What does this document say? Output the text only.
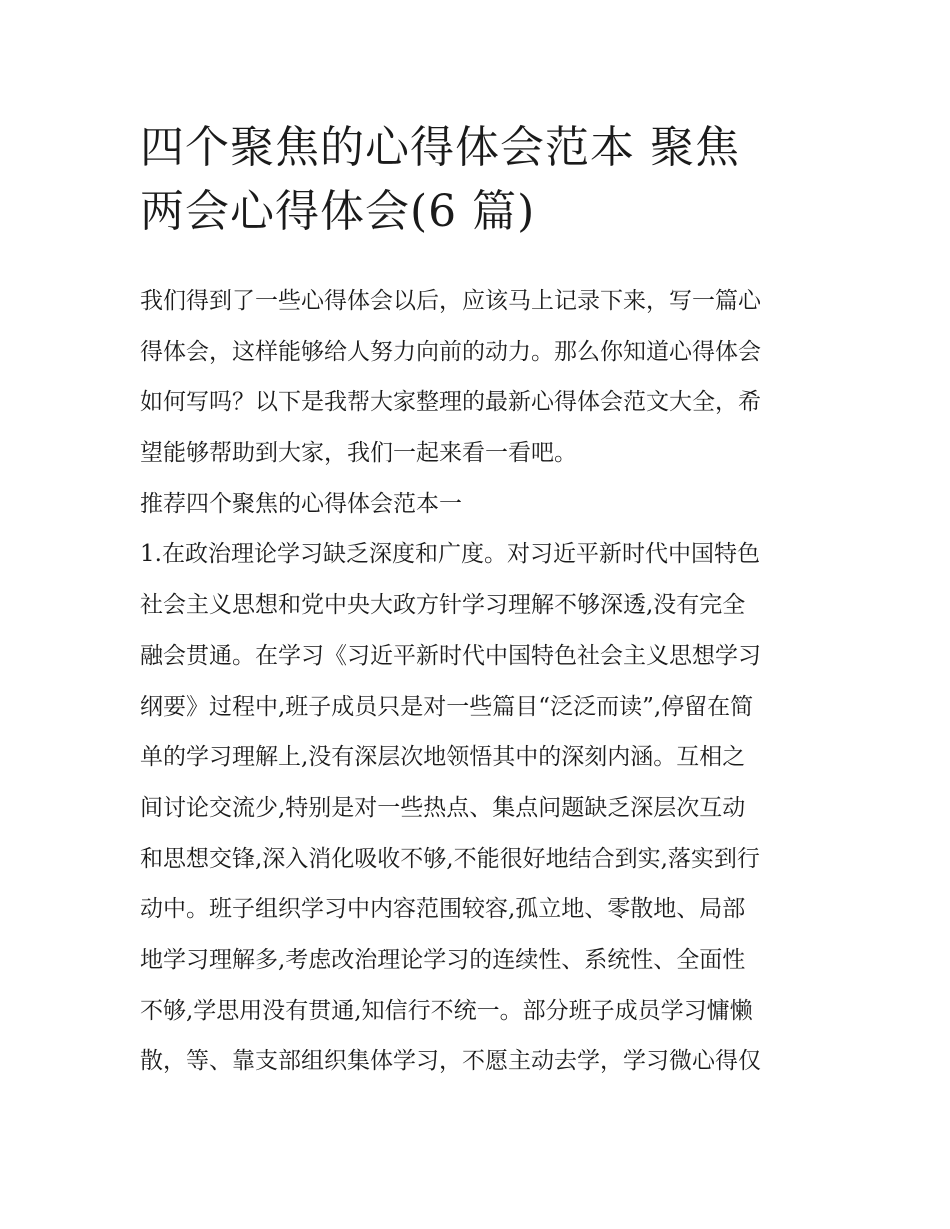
四个聚焦的心得体会范本 聚焦
两会心得体会(6 篇)
我们得到了一些心得体会以后，应该马上记录下来，写一篇心
得体会，这样能够给人努力向前的动力。那么你知道心得体会
如何写吗？以下是我帮大家整理的最新心得体会范文大全，希
望能够帮助到大家，我们一起来看一看吧。
推荐四个聚焦的心得体会范本一
1.在政治理论学习缺乏深度和广度。对习近平新时代中国特色
社会主义思想和党中央大政方针学习理解不够深透,没有完全
融会贯通。在学习《习近平新时代中国特色社会主义思想学习
纲要》过程中,班子成员只是对一些篇目“泛泛而读”,停留在简
单的学习理解上,没有深层次地领悟其中的深刻内涵。互相之
间讨论交流少,特别是对一些热点、集点问题缺乏深层次互动
和思想交锋,深入消化吸收不够,不能很好地结合到实,落实到行
动中。班子组织学习中内容范围较容,孤立地、零散地、局部
地学习理解多,考虑改治理论学习的连续性、系统性、全面性
不够,学思用没有贯通,知信行不统一。部分班子成员学习慵懒
散，等、靠支部组织集体学习，不愿主动去学，学习微心得仅
